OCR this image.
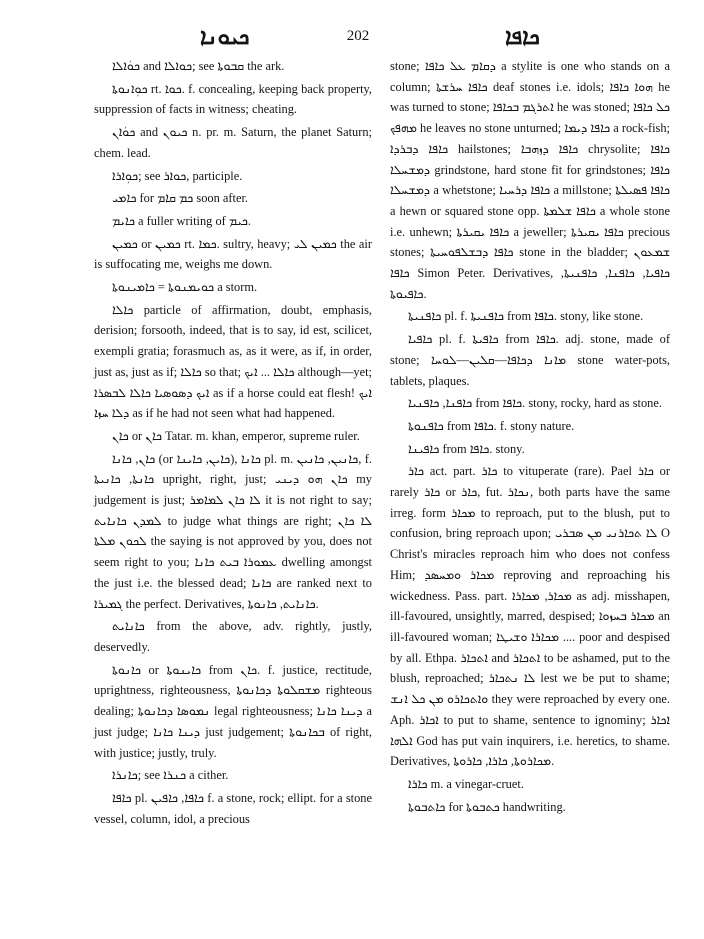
ܟܝܘܢܐ	202	ܟܐܦܐ

ܟܘܿܐܠܐ and ܟܘܐܠܐ; see ܩܒܘܬܐ the ark.

ܟܘܼܐܢܘܬܐ rt. ܟܘܐ. f. concealing, keeping back property, suppression of facts in witness; cheating.

ܟܘܿܐܢ and ܟܝܘܢ n. pr. m. Saturn, the planet Saturn; chem. lead.

ܟܘܼܐܪܐ; see ܟܘܐܪ, participle.

ܟܐܡܝ for ܟܡ ܩܐܡ soon after.

ܟܐܝܡ a fuller writing of ܟܝܡ.

ܟܡܝܢ or ܟܡܝܢ rt. ܟܡܐ. sultry, heavy; ܟܡܝܢ ܠܝ the air is suffocating me, weighs me down.

ܟܘܝܡܢܘܬܐ = ܟܐܡܝܢܘܬܐ a storm.

ܟܐܠܐ particle of affirmation, doubt, emphasis, derision; forsooth, indeed, that is to say, id est, scilicet, exempli gratia; forasmuch as, as it were, as if, in order, just as, just as if; ܟܐܠܐ so that; ܟܐܠܐ ... ܐܝܟ although—yet; ܐܝܟ ܕܣܘܣܝܐ ܟܐܠܐ ܠܒܣܪܐ as if a horse could eat flesh! ܐܝܟ ܕܠܐ ܚܙܐ as if he had not seen what had happened.

ܟܐܢ or ܟܐܢ Tatar. m. khan, emperor, supreme ruler.

ܟܐܢ, ܟܐܢܐ (or ܟܐܝܢ, ܟܐܝܢܐ), ܟܐܢܐ pl. m. ܟܐܢܝܢ, ܟܐܢܝܢ, f. ܟܐܢܬܐ, ܟܐܢܝܬܐ upright, right, just; ܟܐܢ ܗܘ ܕܝܢܝ my judgement is just; ܠܐ ܟܐܢ ܠܡܐܡܪ it is not right to say; ܠܡܕܢ ܟܐܢܐܝܬ to judge what things are right; ܠܐ ܟܐܢ ܠܟܘܢ ܡܠܬܐ the saying is not approved by you, does not seem right to you; ܥܡܘܪܐ ܒܝܬ ܟܐܢܐ dwelling amongst the just i.e. the blessed dead; ܟܐܢܐ are ranked next to ܓܡܝܪܐ the perfect. Derivatives, ܟܐܢܐܝܬ, ܟܐܢܘܬܐ.

ܟܐܢܐܝܬ from the above, adv. rightly, justly, deservedly.

ܟܐܢܘܬܐ or ܟܐܝܢܘܬܐ from ܟܐܢ. f. justice, rectitude, uprightness, righteousness, ܡܫܩܠܘܬܐ ܕܟܐܢܘܬܐ righteous dealing; ܢܡܘܣܐ ܕܟܐܢܘܬܐ legal righteousness; ܕܝܢܐ ܟܐܢܐ a just judge; ܕܝܢܐ ܟܐܢܐ just judgement; ܒܟܐܢܘܬܐ of right, with justice; justly, truly.

ܟܐܢܪܐ; see ܟܢܪܐ a cither.

ܟܐܦܐ pl. ܟܐܦܐ, ܟܐܦܝܢ f. a stone, rock; ellipt. for a stone vessel, column, idol, a precious

stone; ܕܩܐܡ ܥܠ ܟܐܦܐ a stylite is one who stands on a column; ܟܐܦܐ ܚܪܫܬܐ deaf stones i.e. idols; ܗܘܐ ܟܐܦܐ he was turned to stone; ܐܬܪܓܡ ܒܟܐܦܐ he was stoned; ܟܠ ܟܐܦܐ ܡܗܦܟ he leaves no stone unturned; ܟܐܦܐ ܕܝܡܐ a rock-fish; ܟܐܦܐ ܕܒܪܕܐ hailstones; ܟܐܦܐ ܕܙܗܒܐ chrysolite; ܟܐܦܐ ܕܡܫܚܠܐ grindstone, hard stone fit for grindstones; ܟܐܦܐ ܕܡܫܚܠܐ a whetstone; ܟܐܦܐ ܕܪܚܝܐ a millstone; ܟܐܦܐ ܦܣܝܠܬܐ a hewn or squared stone opp. ܟܐܦܐ ܫܠܡܬܐ a whole stone i.e. unhewn; ܟܐܦܐ ܝܩܝܪܬܐ a jeweller; ܟܐܦܐ ܝܩܝܪܬܐ precious stones; ܟܐܦܐ ܕܒܫܠܦܘܚܝܬܐ stone in the bladder; ܫܡܥܘܢ ܟܐܦܐ Simon Peter. Derivatives, ܟܐܦܝܐ, ܟܐܦܢܐ, ܟܐܦܢܝܬܐ, ܟܐܦܝܘܬܐ.

ܟܐܦܢܝܬܐ pl. f. ܟܐܦܢܝܬܐ from ܟܐܦܐ. stony, like stone.

ܟܐܦܝܐ pl. f. ܟܐܦܝܬܐ from ܟܐܦܐ. adj. stone, made of stone; ܡܐܢܐ ܕܟܐܦܐ—ܩܠܝܢ—ܠܘܚܐ stone water-pots, tablets, plaques.

ܟܐܦܢܐ, ܟܐܦܢܝܐ from ܟܐܦܐ. stony, rocky, hard as stone.

ܟܐܦܢܘܬܐ from ܟܐܦܐ. f. stony nature.

ܟܐܦܝܢܐ from ܟܐܦܐ. stony.

ܟܐܪ act. part. ܟܐܪ to vituperate (rare). Pael ܟܐܪ or rarely ܟܐܪ or ܟܐܪ, fut. ܢܟܐܪ, both parts have the same irreg. form ܡܟܐܪ to reproach, put to the blush, put to confusion, bring reproach upon; ܠܐ ܬܟܐܪܢܝ ܡܢ ܣܒܪܝ O Christ's miracles reproach him who does not confess Him; ܡܟܐܪ ܘܡܚܣܕ reproving and reproaching his wickedness. Pass. part. ܡܟܐܪ, ܡܟܐܪܐ as adj. misshapen, ill-favoured, unsightly, marred, despised; ܡܟܐܪ ܒܚܙܘܐ an ill-favoured woman; ܡܟܐܪܐ ܘܫܝܛܐ .... poor and despised by all. Ethpa. ܐܬܟܐܪ and ܐܬܟܐܪ to be ashamed, put to the blush, reproached; ܠܐ ܢܬܟܐܪ lest we be put to shame; ܘܐܬܟܐܪܘ ܡܢ ܟܠ ܐܢܫ they were reproached by every one. Aph. ܐܟܐܪ to put to shame, sentence to ignominy; ܐܟܐܪ ܐܠܗܐ God has put vain inquirers, i.e. heretics, to shame. Derivatives, ܡܟܐܪܘܬܐ, ܟܐܪܐ, ܟܐܪܘܬܐ.

ܟܐܪܐ m. a vinegar-cruet.

ܟܐܬܒܘܬܐ for ܟܬܒܘܬܐ handwriting.
